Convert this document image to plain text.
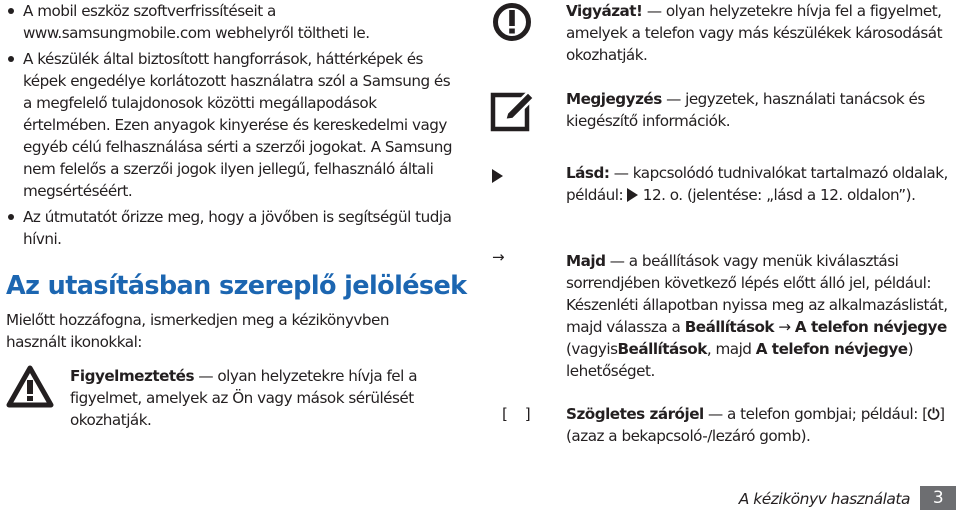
A mobil eszköz szoftverfrissítéseit a www.samsungmobile.com webhelyről töltheti le.
A készülék által biztosított hangforrások, háttérképek és képek engedélye korlátozott használatra szól a Samsung és a megfelelő tulajdonosok közötti megállapodások értelmében. Ezen anyagok kinyerése és kereskedelmi vagy egyéb célú felhasználása sérti a szerzői jogokat. A Samsung nem felelős a szerzői jogok ilyen jellegű, felhasználó általi megsértéséért.
Az útmutatót őrizze meg, hogy a jövőben is segítségül tudja hívni.
Az utasításban szereplő jelölések

Mielőtt hozzáfogna, ismerkedjen meg a kézikönyvben használt ikonokkal:

Figyelmeztetés — olyan helyzetekre hívja fel a figyelmet, amelyek az Ön vagy mások sérülését okozhatják.
Vigyázat! — olyan helyzetekre hívja fel a figyelmet, amelyek a telefon vagy más készülékek károsodását okozhatják.
Megjegyzés — jegyzetek, használati tanácsok és kiegészítő információk.
Lásd: — kapcsolódó tudnivalókat tartalmazó oldalak, például: 12. o. (jelentése: „lásd a 12. oldalon”).
→	Majd — a beállítások vagy menük kiválasztási sorrendjében következő lépés előtt álló jel, például: Készenléti állapotban nyissa meg az alkalmazáslistát, majd válassza a Beállítások → A telefon névjegye (vagyisBeállítások, majd A telefon névjegye) lehetőséget.
[    ]	Szögletes zárójel — a telefon gombjai; például: [⏻] (azaz a bekapcsoló-/lezáró gomb).
A kézikönyv használata	3
